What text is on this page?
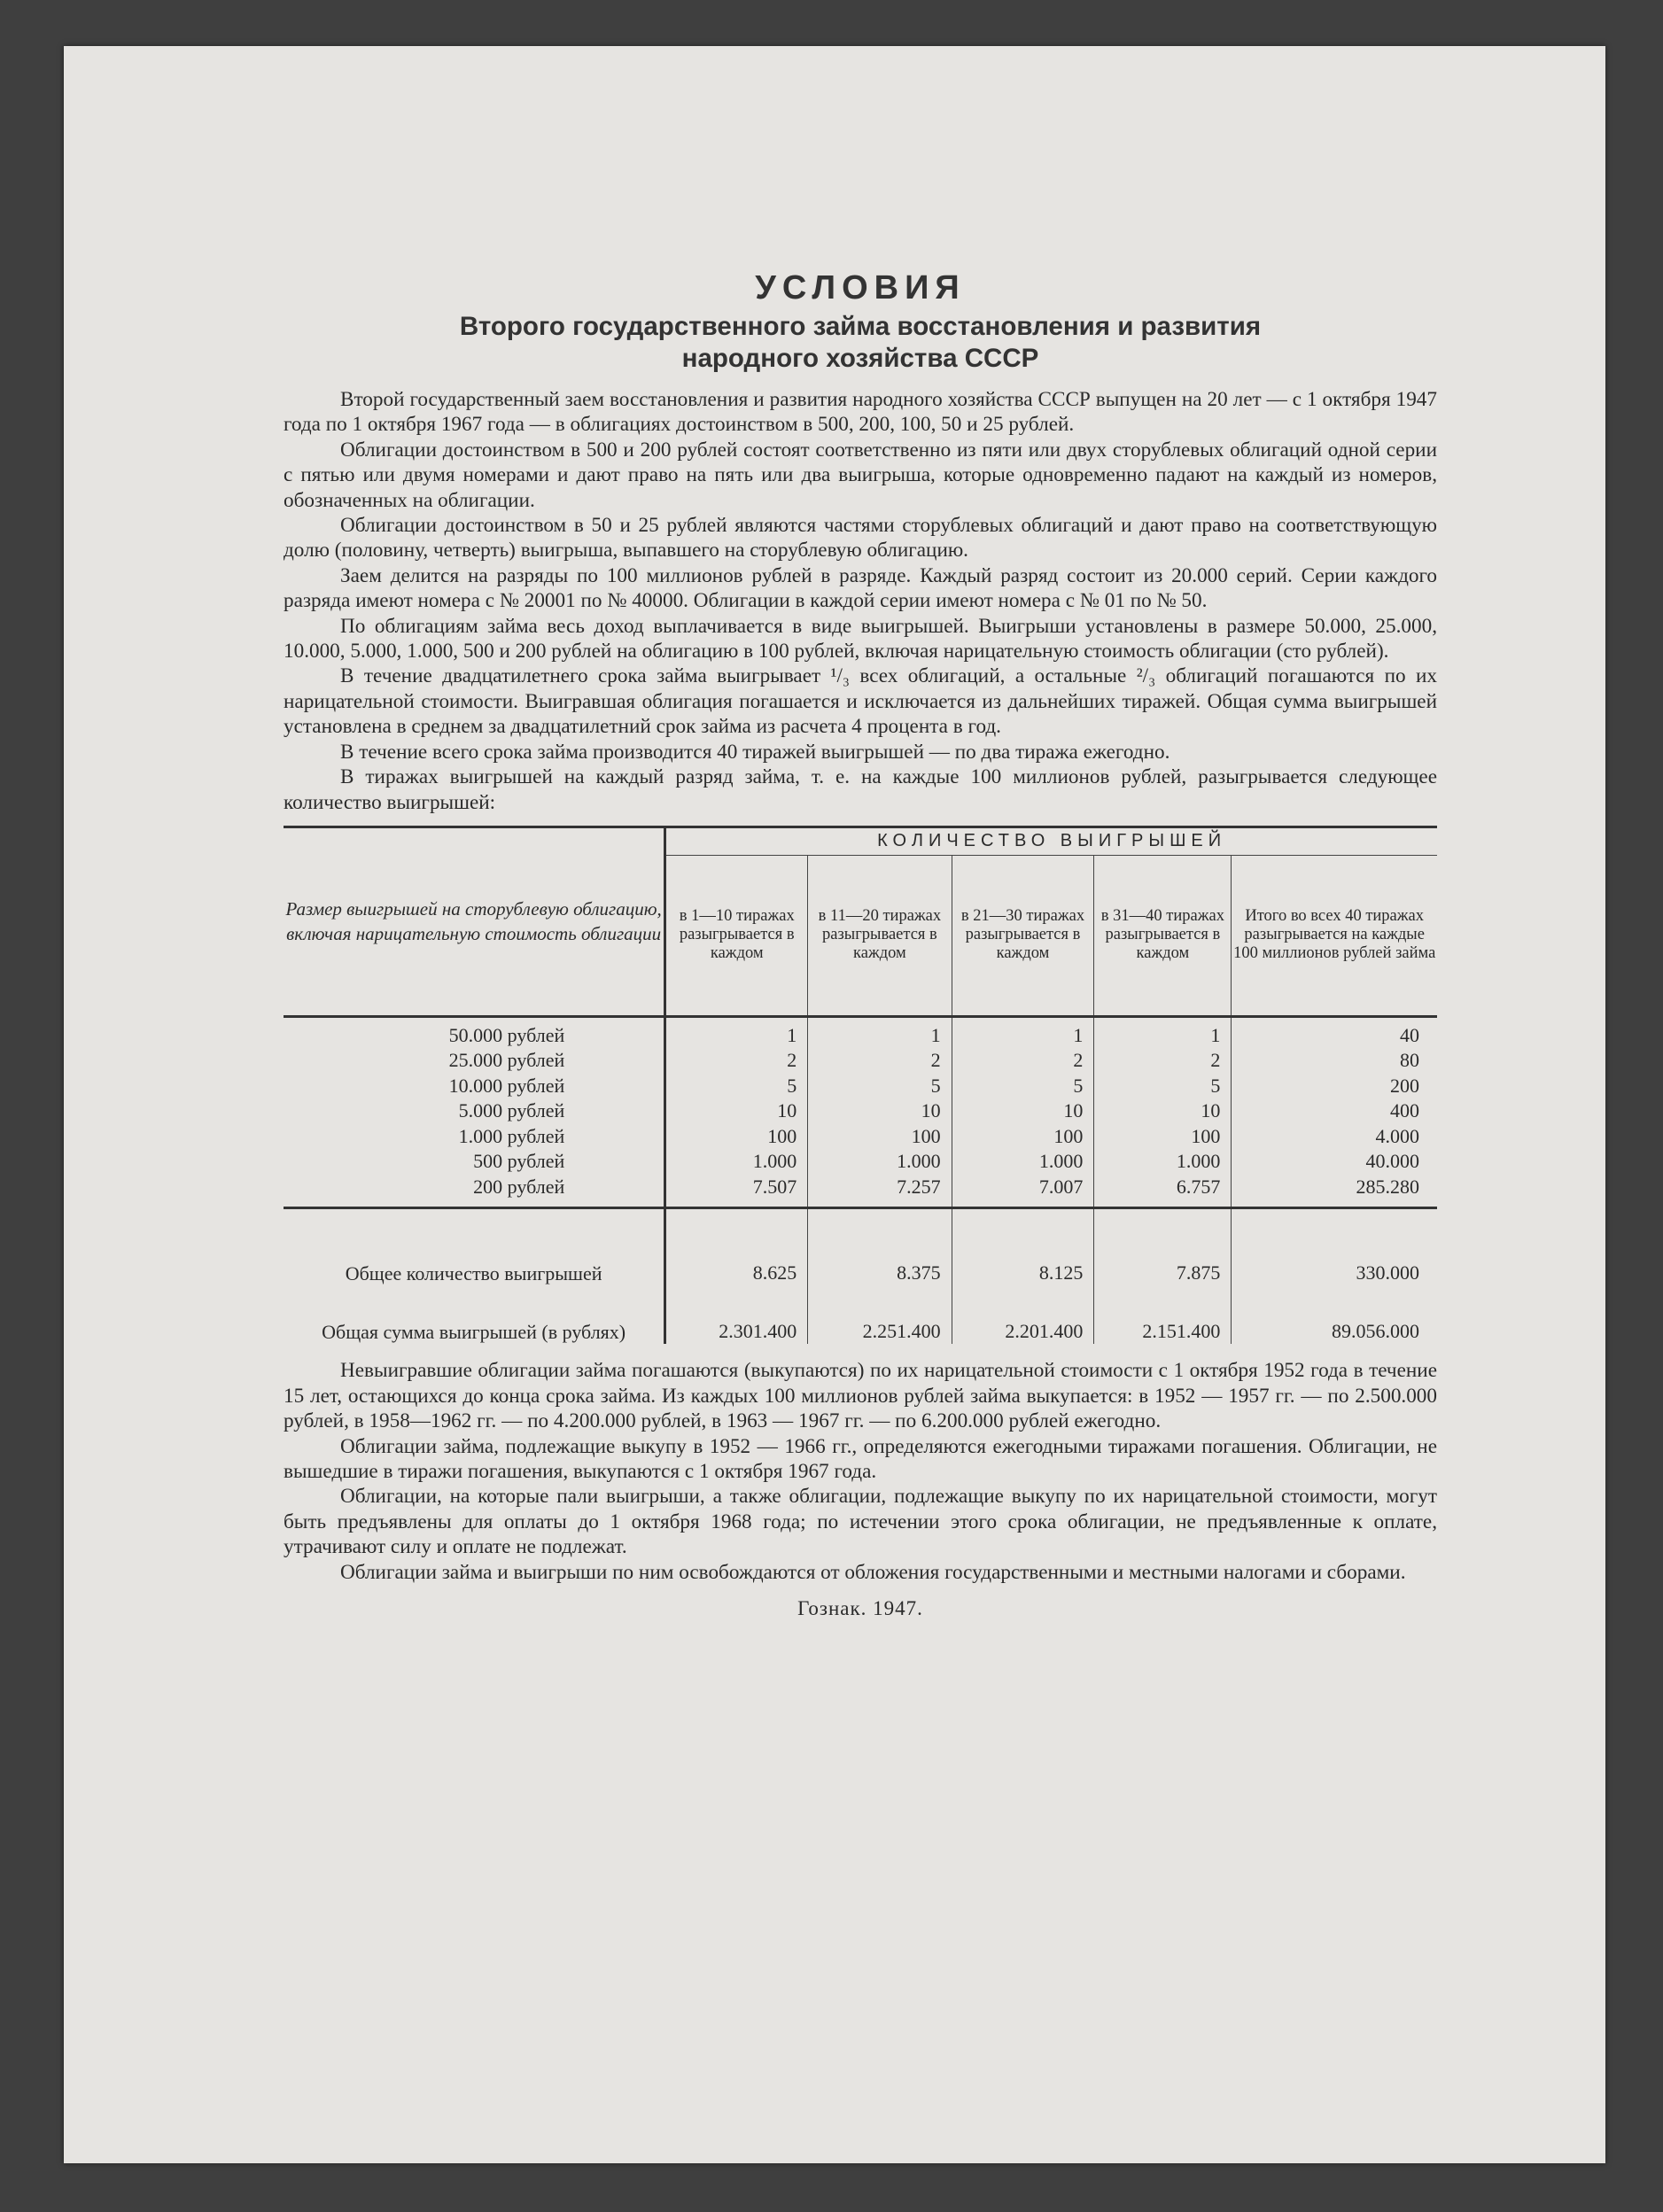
УСЛОВИЯ
Второго государственного займа восстановления и развития
народного хозяйства СССР

Второй государственный заем восстановления и развития народного хозяйства СССР выпущен на 20 лет — с 1 октября 1947 года по 1 октября 1967 года — в облигациях достоинством в 500, 200, 100, 50 и 25 рублей.

Облигации достоинством в 500 и 200 рублей состоят соответственно из пяти или двух сторублевых облигаций одной серии с пятью или двумя номерами и дают право на пять или два выигрыша, которые одновременно падают на каждый из номеров, обозначенных на облигации.

Облигации достоинством в 50 и 25 рублей являются частями сторублевых облигаций и дают право на соответствующую долю (половину, четверть) выигрыша, выпавшего на сторублевую облигацию.

Заем делится на разряды по 100 миллионов рублей в разряде. Каждый разряд состоит из 20.000 серий. Серии каждого разряда имеют номера с № 20001 по № 40000. Облигации в каждой серии имеют номера с № 01 по № 50.

По облигациям займа весь доход выплачивается в виде выигрышей. Выигрыши установлены в размере 50.000, 25.000, 10.000, 5.000, 1.000, 500 и 200 рублей на облигацию в 100 рублей, включая нарицательную стоимость облигации (сто рублей).

В течение двадцатилетнего срока займа выигрывает ¹/₃ всех облигаций, а остальные ²/₃ облигаций погашаются по их нарицательной стоимости. Выигравшая облигация погашается и исключается из дальнейших тиражей. Общая сумма выигрышей установлена в среднем за двадцатилетний срок займа из расчета 4 процента в год.

В течение всего срока займа производится 40 тиражей выигрышей — по два тиража ежегодно.

В тиражах выигрышей на каждый разряд займа, т. е. на каждые 100 миллионов рублей, разыгрывается следующее количество выигрышей:

Размер выигрышей на сторублевую облигацию, включая нарицательную стоимость облигации	КОЛИЧЕСТВО ВЫИГРЫШЕЙ				
	в 1—10 тиражах разыгрывается в каждом	в 11—20 тиражах разыгрывается в каждом	в 21—30 тиражах разыгрывается в каждом	в 31—40 тиражах разыгрывается в каждом	Итого во всех 40 тиражах разыгрывается на каждые 100 миллионов рублей займа
50.000 рублей	1	1	1	1	40
25.000 рублей	2	2	2	2	80
10.000 рублей	5	5	5	5	200
5.000 рублей	10	10	10	10	400
1.000 рублей	100	100	100	100	4.000
500 рублей	1.000	1.000	1.000	1.000	40.000
200 рублей	7.507	7.257	7.007	6.757	285.280
Общее количество выигрышей	8.625	8.375	8.125	7.875	330.000
Общая сумма выигрышей (в рублях)	2.301.400	2.251.400	2.201.400	2.151.400	89.056.000

Невыигравшие облигации займа погашаются (выкупаются) по их нарицательной стоимости с 1 октября 1952 года в течение 15 лет, остающихся до конца срока займа. Из каждых 100 миллионов рублей займа выкупается: в 1952 — 1957 гг. — по 2.500.000 рублей, в 1958—1962 гг. — по 4.200.000 рублей, в 1963 — 1967 гг. — по 6.200.000 рублей ежегодно.

Облигации займа, подлежащие выкупу в 1952 — 1966 гг., определяются ежегодными тиражами погашения. Облигации, не вышедшие в тиражи погашения, выкупаются с 1 октября 1967 года.

Облигации, на которые пали выигрыши, а также облигации, подлежащие выкупу по их нарицательной стоимости, могут быть предъявлены для оплаты до 1 октября 1968 года; по истечении этого срока облигации, не предъявленные к оплате, утрачивают силу и оплате не подлежат.

Облигации займа и выигрыши по ним освобождаются от обложения государственными и местными налогами и сборами.

Гознак. 1947.
